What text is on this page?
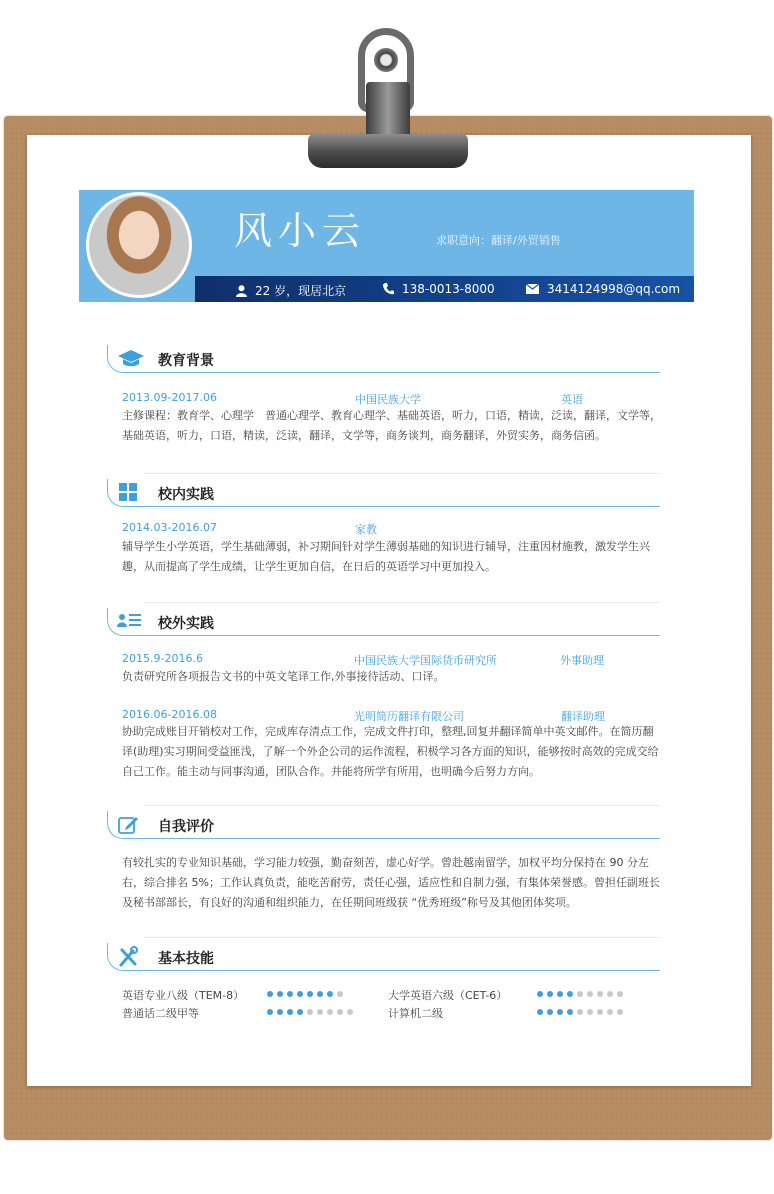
风小云	求职意向：翻译/外贸销售
22 岁，现居北京	138-0013-8000	3414124998@qq.com
教育背景
2013.09-2017.06	中国民族大学	英语
主修课程：教育学、心理学　普通心理学、教育心理学、基础英语，听力，口语，精读，泛读，翻译，文学等，基础英语，听力，口语，精读，泛读，翻译，文学等，商务谈判，商务翻译，外贸实务，商务信函。
校内实践
2014.03-2016.07	家教
辅导学生小学英语，学生基础薄弱，补习期间针对学生薄弱基础的知识进行辅导，注重因材施教，激发学生兴趣，从而提高了学生成绩，让学生更加自信，在日后的英语学习中更加投入。
校外实践
2015.9-2016.6	中国民族大学国际货币研究所	外事助理
负责研究所各项报告文书的中英文笔译工作,外事接待活动、口译。
2016.06-2016.08	光明简历翻译有限公司	翻译助理
协助完成账目开销校对工作，完成库存清点工作，完成文件打印，整理,回复并翻译简单中英文邮件。在简历翻译(助理)实习期间受益匪浅，了解一个外企公司的运作流程，积极学习各方面的知识，能够按时高效的完成交给自己工作。能主动与同事沟通，团队合作。并能将所学有所用，也明确今后努力方向。
自我评价
有较扎实的专业知识基础，学习能力较强，勤奋刻苦，虚心好学。曾赴越南留学，加权平均分保持在 90 分左右，综合排名 5%；工作认真负责，能吃苦耐劳，责任心强，适应性和自制力强，有集体荣誉感。曾担任副班长及秘书部部长，有良好的沟通和组织能力，在任期间班级获 “优秀班级”称号及其他团体奖项。
基本技能
英语专业八级（TEM-8）	大学英语六级（CET-6）
普通话二级甲等	计算机二级
